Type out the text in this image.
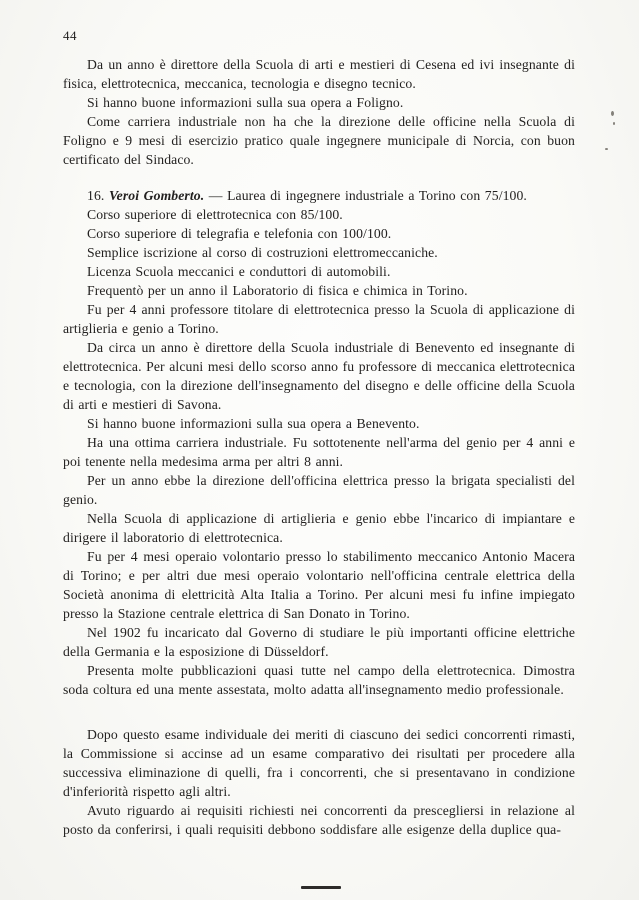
44

Da un anno è direttore della Scuola di arti e mestieri di Cesena ed ivi insegnante di fisica, elettrotecnica, meccanica, tecnologia e disegno tecnico.

Si hanno buone informazioni sulla sua opera a Foligno.

Come carriera industriale non ha che la direzione delle officine nella Scuola di Foligno e 9 mesi di esercizio pratico quale ingegnere municipale di Norcia, con buon certificato del Sindaco.

16. Veroi Gomberto. — Laurea di ingegnere industriale a Torino con 75/100.

Corso superiore di elettrotecnica con 85/100.

Corso superiore di telegrafia e telefonia con 100/100.

Semplice iscrizione al corso di costruzioni elettromeccaniche.

Licenza Scuola meccanici e conduttori di automobili.

Frequentò per un anno il Laboratorio di fisica e chimica in Torino.

Fu per 4 anni professore titolare di elettrotecnica presso la Scuola di applicazione di artiglieria e genio a Torino.

Da circa un anno è direttore della Scuola industriale di Benevento ed insegnante di elettrotecnica. Per alcuni mesi dello scorso anno fu professore di meccanica elettrotecnica e tecnologia, con la direzione dell'insegnamento del disegno e delle officine della Scuola di arti e mestieri di Savona.

Si hanno buone informazioni sulla sua opera a Benevento.

Ha una ottima carriera industriale. Fu sottotenente nell'arma del genio per 4 anni e poi tenente nella medesima arma per altri 8 anni.

Per un anno ebbe la direzione dell'officina elettrica presso la brigata specialisti del genio.

Nella Scuola di applicazione di artiglieria e genio ebbe l'incarico di impiantare e dirigere il laboratorio di elettrotecnica.

Fu per 4 mesi operaio volontario presso lo stabilimento meccanico Antonio Macera di Torino; e per altri due mesi operaio volontario nell'officina centrale elettrica della Società anonima di elettricità Alta Italia a Torino. Per alcuni mesi fu infine impiegato presso la Stazione centrale elettrica di San Donato in Torino.

Nel 1902 fu incaricato dal Governo di studiare le più importanti officine elettriche della Germania e la esposizione di Düsseldorf.

Presenta molte pubblicazioni quasi tutte nel campo della elettrotecnica. Dimostra soda coltura ed una mente assestata, molto adatta all'insegnamento medio professionale.

Dopo questo esame individuale dei meriti di ciascuno dei sedici concorrenti rimasti, la Commissione si accinse ad un esame comparativo dei risultati per procedere alla successiva eliminazione di quelli, fra i concorrenti, che si presentavano in condizione d'inferiorità rispetto agli altri.

Avuto riguardo ai requisiti richiesti nei concorrenti da prescegliersi in relazione al posto da conferirsi, i quali requisiti debbono soddisfare alle esigenze della duplice qua-
